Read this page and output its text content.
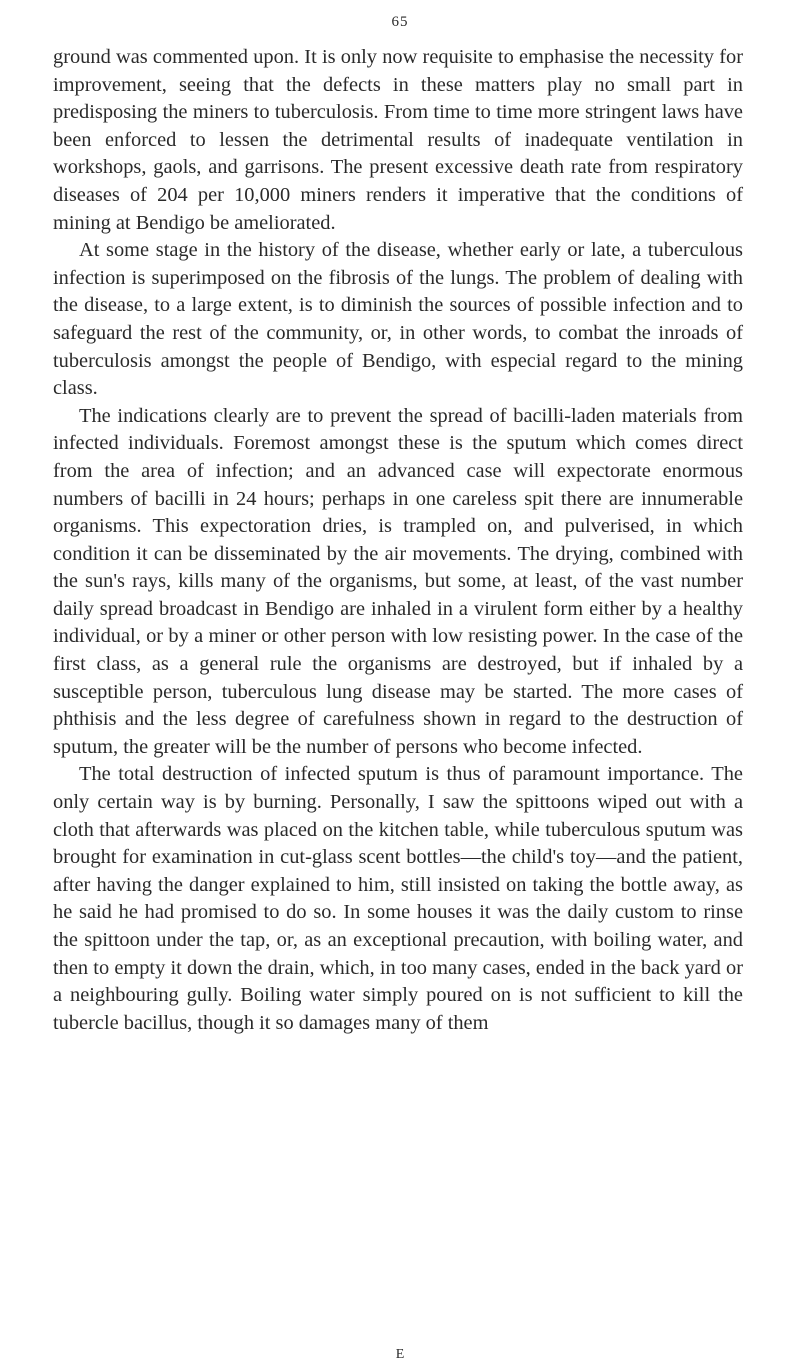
65

ground was commented upon. It is only now requisite to emphasise the necessity for improvement, seeing that the defects in these matters play no small part in predisposing the miners to tuberculosis. From time to time more stringent laws have been enforced to lessen the detrimental results of inadequate ventilation in workshops, gaols, and garrisons. The present excessive death rate from respiratory diseases of 204 per 10,000 miners renders it imperative that the conditions of mining at Bendigo be ameliorated.

At some stage in the history of the disease, whether early or late, a tuberculous infection is superimposed on the fibrosis of the lungs. The problem of dealing with the disease, to a large extent, is to diminish the sources of possible infection and to safeguard the rest of the community, or, in other words, to combat the inroads of tuberculosis amongst the people of Bendigo, with especial regard to the mining class.

The indications clearly are to prevent the spread of bacilli-laden materials from infected individuals. Foremost amongst these is the sputum which comes direct from the area of infection; and an advanced case will expectorate enormous numbers of bacilli in 24 hours; perhaps in one careless spit there are innumerable organisms. This expectoration dries, is trampled on, and pulverised, in which condition it can be disseminated by the air movements. The drying, combined with the sun's rays, kills many of the organisms, but some, at least, of the vast number daily spread broadcast in Bendigo are inhaled in a virulent form either by a healthy individual, or by a miner or other person with low resisting power. In the case of the first class, as a general rule the organisms are destroyed, but if inhaled by a susceptible person, tuberculous lung disease may be started. The more cases of phthisis and the less degree of carefulness shown in regard to the destruction of sputum, the greater will be the number of persons who become infected.

The total destruction of infected sputum is thus of paramount importance. The only certain way is by burning. Personally, I saw the spittoons wiped out with a cloth that afterwards was placed on the kitchen table, while tuberculous sputum was brought for examination in cut-glass scent bottles—the child's toy—and the patient, after having the danger explained to him, still insisted on taking the bottle away, as he said he had promised to do so. In some houses it was the daily custom to rinse the spittoon under the tap, or, as an exceptional precaution, with boiling water, and then to empty it down the drain, which, in too many cases, ended in the back yard or a neighbouring gully. Boiling water simply poured on is not sufficient to kill the tubercle bacillus, though it so damages many of them

E
